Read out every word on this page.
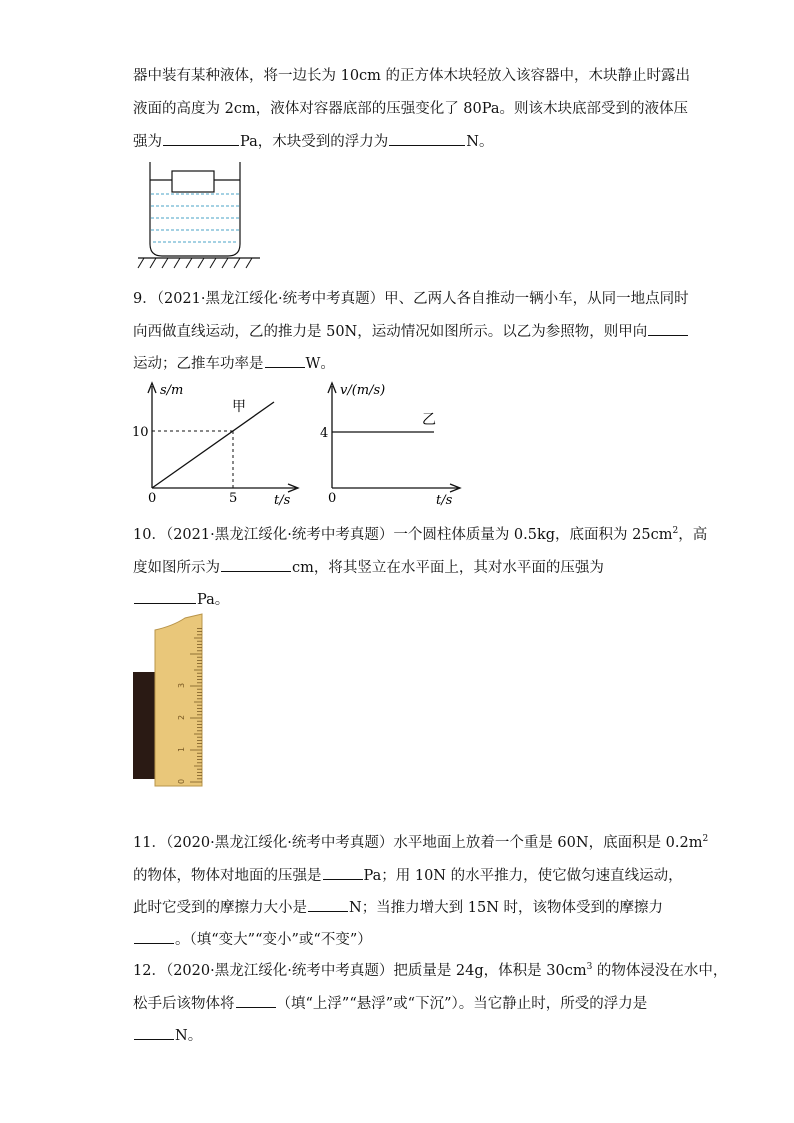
器中装有某种液体，将一边长为 10cm 的正方体木块轻放入该容器中，木块静止时露出
液面的高度为 2cm，液体对容器底部的压强变化了 80Pa。则该木块底部受到的液体压
强为	Pa，木块受到的浮力为	N。
9．（2021·黑龙江绥化·统考中考真题）甲、乙两人各自推动一辆小车，从同一地点同时
向西做直线运动，乙的推力是 50N，运动情况如图所示。以乙为参照物，则甲向
运动；乙推车功率是	W。
s/m
甲
10
0	5	t/s
v/(m/s)
乙
4
0	t/s
10．（2021·黑龙江绥化·统考中考真题）一个圆柱体质量为 0.5kg，底面积为 $25cm^2$，高
度如图所示为	cm，将其竖立在水平面上，其对水平面的压强为
Pa。
0
1
2
3
11．（2020·黑龙江绥化·统考中考真题）水平地面上放着一个重是 60N，底面积是 $0.2m^2$
的物体，物体对地面的压强是	Pa；用 10N 的水平推力，使它做匀速直线运动，
此时它受到的摩擦力大小是	N；当推力增大到 15N 时，该物体受到的摩擦力
。（填“变大”“变小”或“不变”）
12．（2020·黑龙江绥化·统考中考真题）把质量是 24g，体积是 $30cm^3$ 的物体浸没在水中，
松手后该物体将	（填“上浮”“悬浮”或“下沉”）。当它静止时，所受的浮力是
N。
